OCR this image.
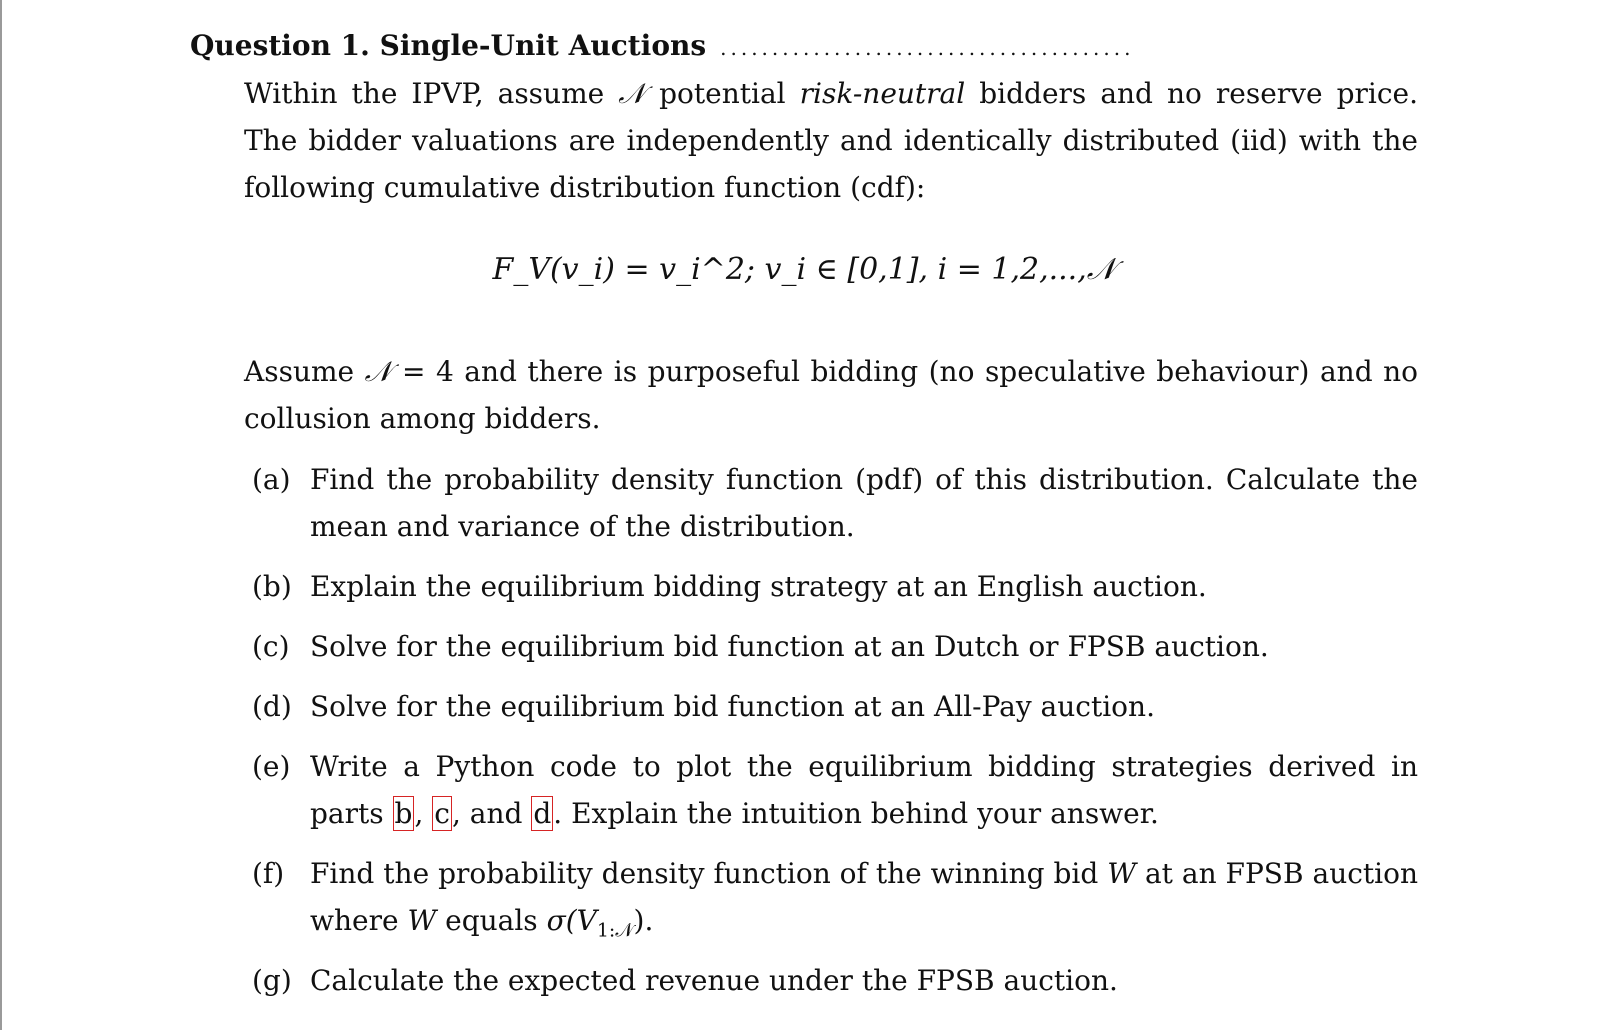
Question 1. Single-Unit Auctions ........................................
Within the IPVP, assume 𝒩 potential risk-neutral bidders and no reserve price. The bidder valuations are independently and identically distributed (iid) with the following cumulative distribution function (cdf):
F_V(v_i) = v_i^2; v_i ∈ [0,1], i = 1,2,...,𝒩
Assume 𝒩 = 4 and there is purposeful bidding (no speculative behaviour) and no collusion among bidders.
(a) Find the probability density function (pdf) of this distribution. Calculate the mean and variance of the distribution.
(b) Explain the equilibrium bidding strategy at an English auction.
(c) Solve for the equilibrium bid function at an Dutch or FPSB auction.
(d) Solve for the equilibrium bid function at an All-Pay auction.
(e) Write a Python code to plot the equilibrium bidding strategies derived in parts b, c, and d. Explain the intuition behind your answer.
(f) Find the probability density function of the winning bid W at an FPSB auction where W equals $\sigma(V_{1:𝒩})$.
(g) Calculate the expected revenue under the FPSB auction.
